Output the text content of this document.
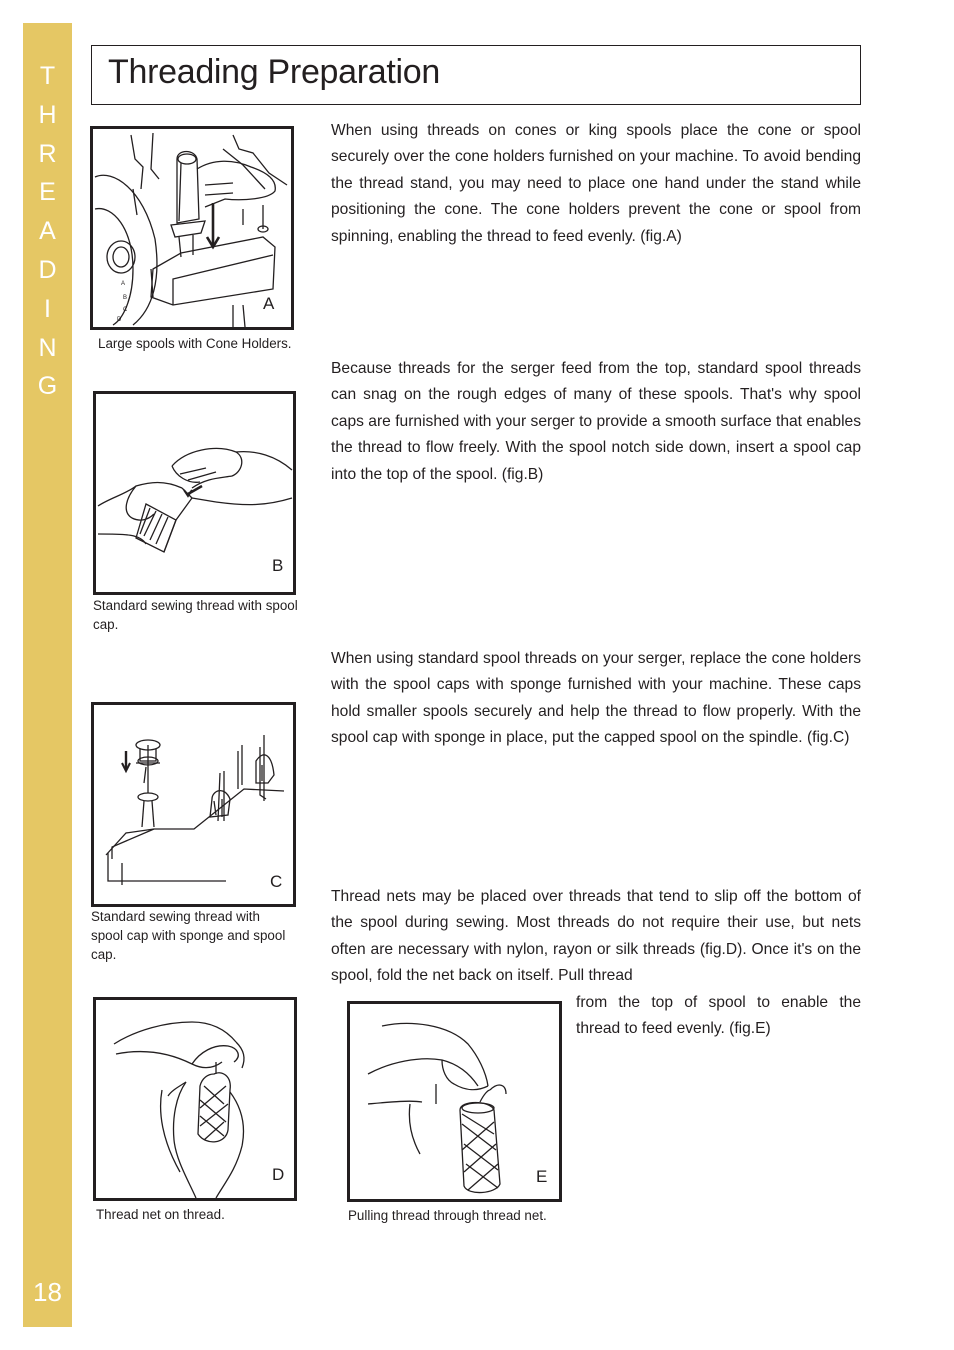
T
H
R
E
A
D
I
N
G
18
Threading Preparation
A
B
C
D
A

Large spools with Cone Holders.

When using threads on cones or king spools place the cone or spool securely over the cone holders furnished on your machine. To avoid bending the thread stand, you may need to place one hand under the stand while positioning the cone. The cone holders prevent the cone or spool from spinning, enabling the thread to feed evenly. (fig.A)

B

Standard sewing thread with spool cap.

Because threads for the serger feed from the top, standard spool threads can snag on the rough edges of many of these spools. That's why spool caps are furnished with your serger to provide a smooth surface that enables the thread to flow freely. With the spool notch side down, insert a spool cap into the top of the spool. (fig.B)

C

Standard sewing thread with spool cap with sponge and spool cap.

When using standard spool threads on your serger, replace the cone holders with the spool caps with sponge furnished with your machine. These caps hold smaller spools securely and help the thread to flow properly. With the spool cap with sponge in place, put the capped spool on the spindle. (fig.C)

Thread nets may be placed over threads that tend to slip off the bottom of the spool during sewing. Most threads do not require their use, but nets often are necessary with nylon, rayon or silk threads (fig.D). Once it's on the spool, fold the net back on itself. Pull thread

from the top of spool to enable the thread to feed evenly. (fig.E)

D

Thread net on thread.

E

Pulling thread through thread net.
